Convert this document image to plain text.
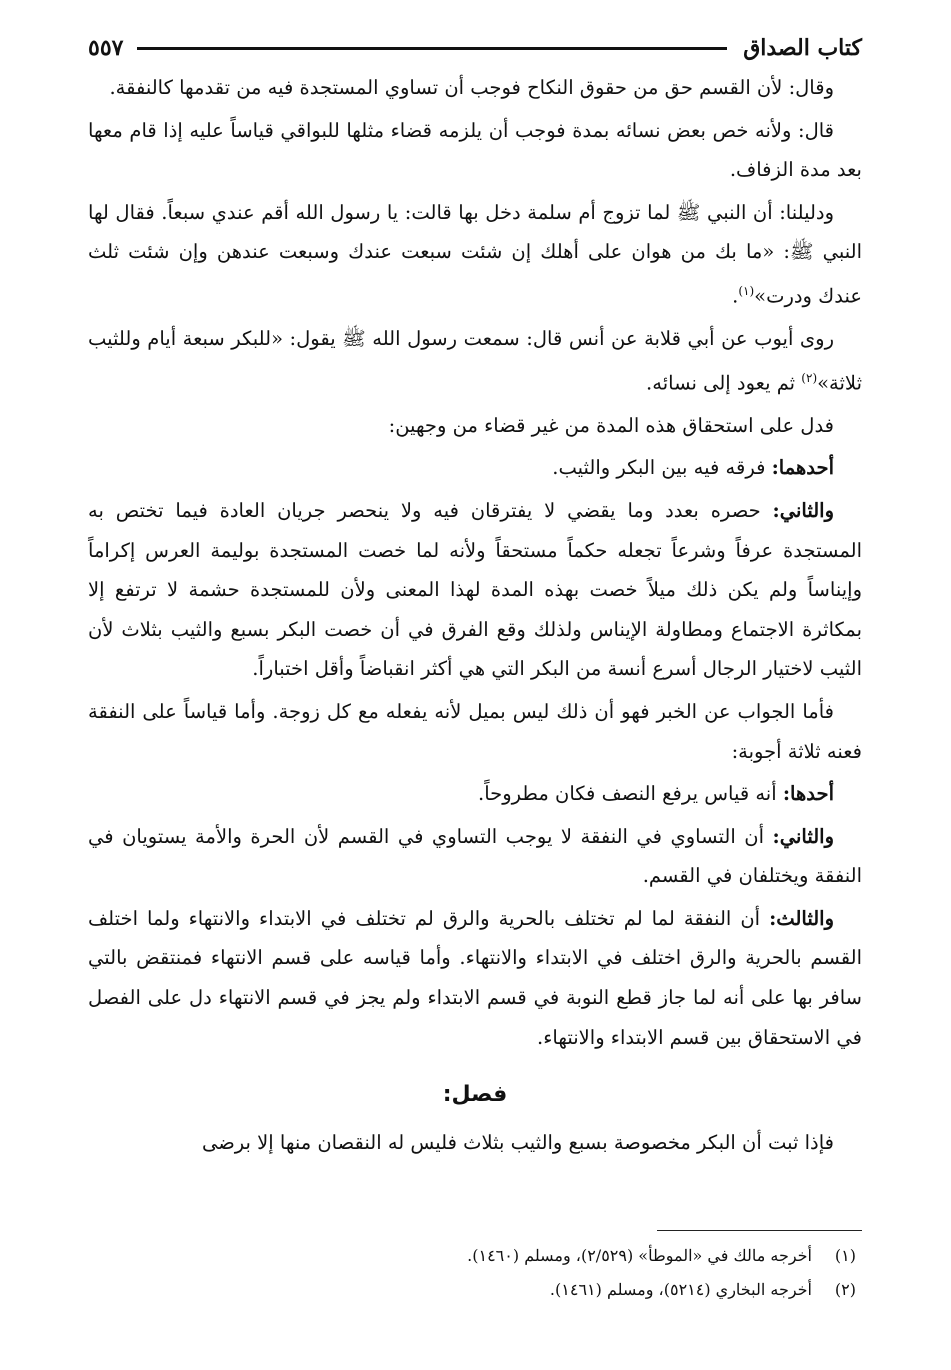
كتاب الصداق
٥٥٧

وقال: لأن القسم حق من حقوق النكاح فوجب أن تساوي المستجدة فيه من تقدمها كالنفقة.

قال: ولأنه خص بعض نسائه بمدة فوجب أن يلزمه قضاء مثلها للبواقي قياساً عليه إذا قام معها بعد مدة الزفاف.

ودليلنا: أن النبي ﷺ لما تزوج أم سلمة دخل بها قالت: يا رسول الله أقم عندي سبعاً. فقال لها النبي ﷺ: «ما بك من هوان على أهلك إن شئت سبعت عندك وسبعت عندهن وإن شئت ثلث عندك ودرت»$^{(١)}$.

روى أيوب عن أبي قلابة عن أنس قال: سمعت رسول الله ﷺ يقول: «للبكر سبعة أيام وللثيب ثلاثة»$^{(٢)}$ ثم يعود إلى نسائه.

فدل على استحقاق هذه المدة من غير قضاء من وجهين:

أحدهما: فرقه فيه بين البكر والثيب.

والثاني: حصره بعدد وما يقضي لا يفترقان فيه ولا ينحصر جريان العادة فيما تختص به المستجدة عرفاً وشرعاً تجعله حكماً مستحقاً ولأنه لما خصت المستجدة بوليمة العرس إكراماً وإيناساً ولم يكن ذلك ميلاً خصت بهذه المدة لهذا المعنى ولأن للمستجدة حشمة لا ترتفع إلا بمكاثرة الاجتماع ومطاولة الإيناس ولذلك وقع الفرق في أن خصت البكر بسبع والثيب بثلاث لأن الثيب لاختيار الرجال أسرع أنسة من البكر التي هي أكثر انقباضاً وأقل اختباراً.

فأما الجواب عن الخبر فهو أن ذلك ليس بميل لأنه يفعله مع كل زوجة. وأما قياساً على النفقة فعنه ثلاثة أجوبة:

أحدها: أنه قياس يرفع النصف فكان مطروحاً.

والثاني: أن التساوي في النفقة لا يوجب التساوي في القسم لأن الحرة والأمة يستويان في النفقة ويختلفان في القسم.

والثالث: أن النفقة لما لم تختلف بالحرية والرق لم تختلف في الابتداء والانتهاء ولما اختلف القسم بالحرية والرق اختلف في الابتداء والانتهاء. وأما قياسه على قسم الانتهاء فمنتقض بالتي سافر بها على أنه لما جاز قطع النوبة في قسم الابتداء ولم يجز في قسم الانتهاء دل على الفصل في الاستحقاق بين قسم الابتداء والانتهاء.

فصل:

فإذا ثبت أن البكر مخصوصة بسبع والثيب بثلاث فليس له النقصان منها إلا برضى

(١)
أخرجه مالك في «الموطأ» (٢/٥٢٩)، ومسلم (١٤٦٠).
(٢)
أخرجه البخاري (٥٢١٤)، ومسلم (١٤٦١).
